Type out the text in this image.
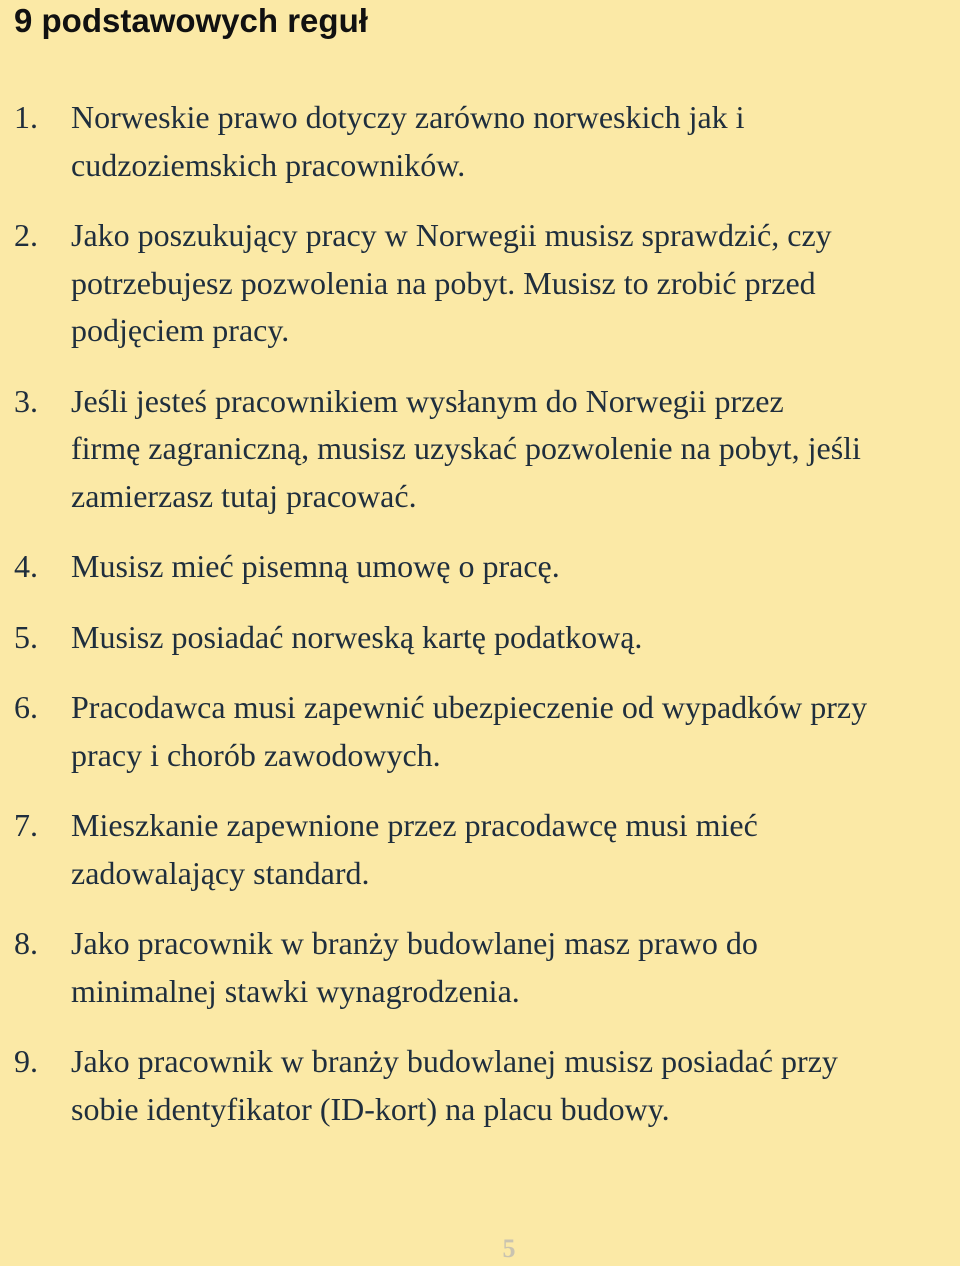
9 podstawowych reguł
1. Norweskie prawo dotyczy zarówno norweskich jak i
cudzoziemskich pracowników.
2. Jako poszukujący pracy w Norwegii musisz sprawdzić, czy
potrzebujesz pozwolenia na pobyt. Musisz to zrobić przed
podjęciem pracy.
3. Jeśli jesteś pracownikiem wysłanym do Norwegii przez
firmę zagraniczną, musisz uzyskać pozwolenie na pobyt, jeśli
zamierzasz tutaj pracować.
4. Musisz mieć pisemną umowę o pracę.
5. Musisz posiadać norweską kartę podatkową.
6. Pracodawca musi zapewnić ubezpieczenie od wypadków przy
pracy i chorób zawodowych.
7. Mieszkanie zapewnione przez pracodawcę musi mieć
zadowalający standard.
8. Jako pracownik w branży budowlanej masz prawo do
minimalnej stawki wynagrodzenia.
9. Jako pracownik w branży budowlanej musisz posiadać przy
sobie identyfikator (ID-kort) na placu budowy.
5
